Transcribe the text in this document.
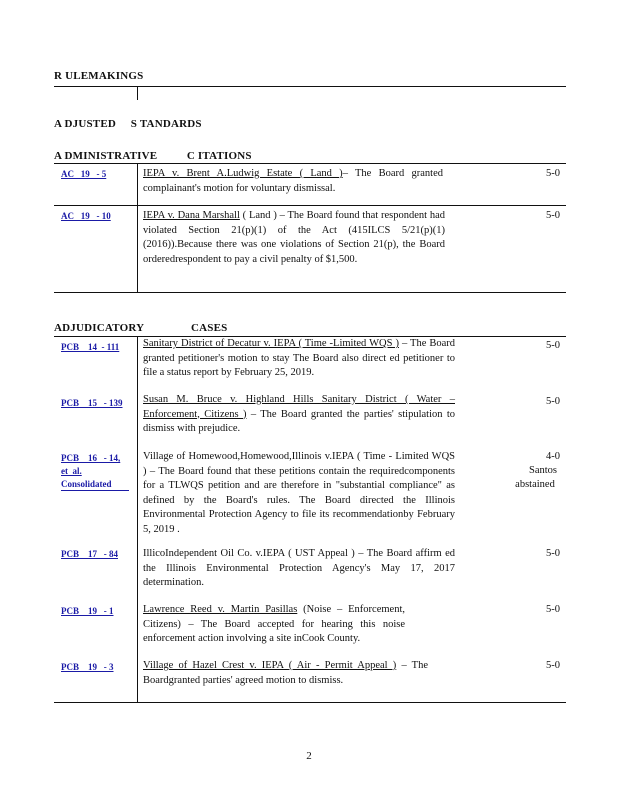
R ULEMAKINGS
A DJUSTED     S TANDARDS
A DMINISTRATIVE          C ITATIONS
AC   19   - 5	IEPA v. Brent A.Ludwig Estate ( Land )– The Board granted complainant's motion for voluntary dismissal.
5-0
AC   19   - 10	IEPA v. Dana Marshall ( Land ) – The Board found that respondent had violated Section 21(p)(1) of the Act (415ILCS 5/21(p)(1) (2016)).Because there was one violations of Section 21(p), the Board orderedrespondent to pay a civil penalty of $1,500.
5-0
ADJUDICATORY                CASES
PCB    14  - 111 Sanitary District of Decatur v. IEPA ( Time -Limited WQS ) – The Board granted petitioner's motion to stay The Board also direct ed petitioner to file a status report by February 25, 2019.
5-0
PCB    15   - 139 Susan M. Bruce v. Highland Hills Sanitary District ( Water – Enforcement, Citizens ) – The Board granted the parties' stipulation to dismiss with prejudice.
5-0
PCB    16   - 14,
et  al.
Consolidated
Village of Homewood,Homewood,Illinois v.IEPA ( Time - Limited WQS ) – The Board found that these petitions contain the requiredcomponents for a TLWQS petition and are therefore in "substantial compliance" as defined by the Board's rules. The Board directed the Illinois Environmental Protection Agency to file its recommendationby February 5, 2019 .
4-0
Santos
abstained
PCB    17   - 84 IllicoIndependent Oil Co. v.IEPA ( UST Appeal ) – The Board affirm ed the Illinois Environmental Protection Agency's May 17, 2017 determination.
5-0
PCB    19   - 1	Lawrence Reed v. Martin Pasillas (Noise – Enforcement, Citizens) – The Board accepted for hearing this noise enforcement action involving a site inCook County.
5-0
PCB    19   - 3	Village of Hazel Crest v. IEPA ( Air - Permit Appeal ) – The Boardgranted parties' agreed motion to dismiss.
5-0
2
